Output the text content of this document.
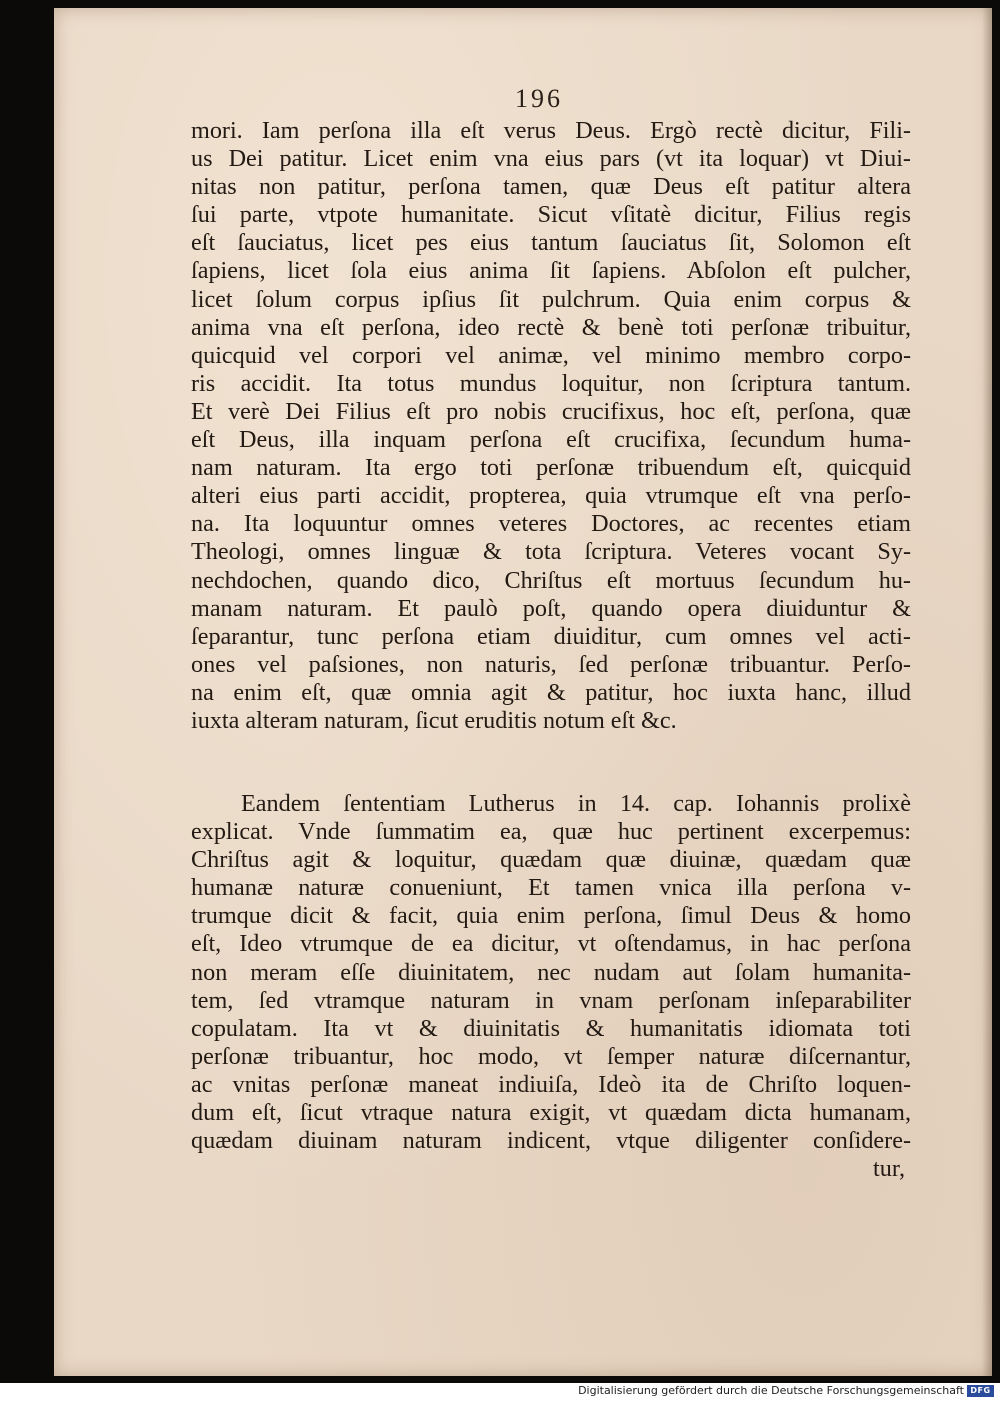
196
mori. Iam perſona illa eſt verus Deus. Ergò rectè dicitur, Fili-
us Dei patitur. Licet enim vna eius pars (vt ita loquar) vt Diui-
nitas non patitur, perſona tamen, quæ Deus eſt patitur altera
ſui parte, vtpote humanitate. Sicut vſitatè dicitur, Filius regis
eſt ſauciatus, licet pes eius tantum ſauciatus ſit, Solomon eſt
ſapiens, licet ſola eius anima ſit ſapiens. Abſolon eſt pulcher,
licet ſolum corpus ipſius ſit pulchrum. Quia enim corpus &
anima vna eſt perſona, ideo rectè & benè toti perſonæ tribuitur,
quicquid vel corpori vel animæ, vel minimo membro corpo-
ris accidit. Ita totus mundus loquitur, non ſcriptura tantum.
Et verè Dei Filius eſt pro nobis crucifixus, hoc eſt, perſona, quæ
eſt Deus, illa inquam perſona eſt crucifixa, ſecundum huma-
nam naturam. Ita ergo toti perſonæ tribuendum eſt, quicquid
alteri eius parti accidit, propterea, quia vtrumque eſt vna perſo-
na. Ita loquuntur omnes veteres Doctores, ac recentes etiam
Theologi, omnes linguæ & tota ſcriptura. Veteres vocant Sy-
nechdochen, quando dico, Chriſtus eſt mortuus ſecundum hu-
manam naturam. Et paulò poſt, quando opera diuiduntur &
ſeparantur, tunc perſona etiam diuiditur, cum omnes vel acti-
ones vel paſsiones, non naturis, ſed perſonæ tribuantur. Perſo-
na enim eſt, quæ omnia agit & patitur, hoc iuxta hanc, illud
iuxta alteram naturam, ſicut eruditis notum eſt &c.
Eandem ſententiam Lutherus in 14. cap. Iohannis prolixè
explicat. Vnde ſummatim ea, quæ huc pertinent excerpemus:
Chriſtus agit & loquitur, quædam quæ diuinæ, quædam quæ
humanæ naturæ conueniunt, Et tamen vnica illa perſona v-
trumque dicit & facit, quia enim perſona, ſimul Deus & homo
eſt, Ideo vtrumque de ea dicitur, vt oſtendamus, in hac perſona
non meram eſſe diuinitatem, nec nudam aut ſolam humanita-
tem, ſed vtramque naturam in vnam perſonam inſeparabiliter
copulatam. Ita vt & diuinitatis & humanitatis idiomata toti
perſonæ tribuantur, hoc modo, vt ſemper naturæ diſcernantur,
ac vnitas perſonæ maneat indiuiſa, Ideò ita de Chriſto loquen-
dum eſt, ſicut vtraque natura exigit, vt quædam dicta humanam,
quædam diuinam naturam indicent, vtque diligenter conſidere-
tur,
Digitalisierung gefördert durch die Deutsche Forschungsgemeinschaft DFG
